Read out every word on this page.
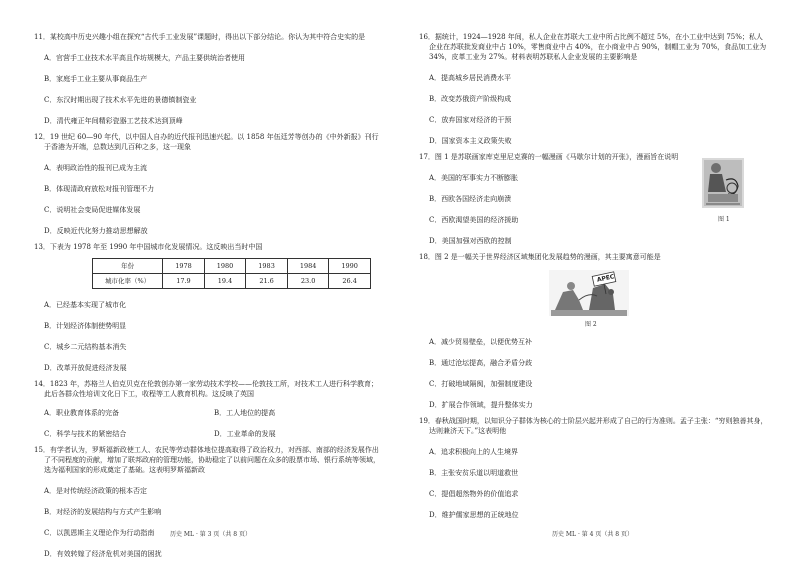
11．某校高中历史兴趣小组在探究“古代手工业发展”课题时，得出以下部分结论。你认为其中符合史实的是
A．官营手工业技术水平高且作坊规模大，产品主要供统治者使用
B．家庭手工业主要从事商品生产
C．东汉时期出现了技术水平先进的景德镇制瓷业
D．清代雍正年间精彩瓷器工艺技术达到顶峰
12．19 世纪 60—90 年代，以中国人自办的近代报刊迅速兴起。以 1858 年伍廷芳等创办的《中外新报》刊行于香港为开端，总数达到几百种之多，这一现象
A．表明政治性的报刊已成为主流
B．体现清政府放松对报刊管理不力
C．说明社会变局促进媒体发展
D．反映近代化努力推动思想解放
13．下表为 1978 年至 1990 年中国城市化发展情况。这反映出当时中国
年份	1978	1980	1983	1984	1990
城市化率（%）	17.9	19.4	21.6	23.0	26.4
A．已经基本实现了城市化
B．计划经济体制使势明显
C．城乡二元结构基本消失
D．改革开放促进经济发展
14．1823 年，苏格兰人伯克贝克在伦敦创办第一家劳动技术学校——伦敦技工所，对技术工人进行科学教育；此后各群众性培训文化日下工，收程等工人教育机构。这反映了英国
A．职业教育体系的完备	B．工人地位的提高
C．科学与技术的紧密结合	D．工业革命的发展
15．有学者认为，罗斯福新政使工人、农民等劳动群体地位提高取得了政治权力，对西部、南部的经济发展作出了不同程度的贡献，增加了联邦政府的管理功能，协助稳定了以前问题在众多的股票市场、银行系统等领域，选为福利国家的形成奠定了基础。这表明罗斯福新政
A．是对传统经济政策的根本否定
B．对经济的发展结构与方式产生影响
C．以凯恩斯主义理论作为行动指南
D．有效转嫁了经济危机对美国的困扰
历史 ML · 第 3 页（共 8 页）
16．据统计，1924—1928 年间，私人企业在苏联大工业中所占比例不超过 5%，在小工业中达到 75%；私人企业在苏联批发商业中占 10%，零售商业中占 40%，在小商业中占 90%，制帽工业为 70%，食品加工业为 34%，皮革工业为 27%。材料表明苏联私人企业发展的主要影响是
A．提高城乡居民消费水平
B．改变苏俄资产阶级构成
C．放弃国家对经济的干预
D．国家资本主义政策失败
17．图 1 是苏联画家库克里尼克赛的一幅漫画《马歇尔计划的开张》，漫画旨在说明
A．美国的军事实力不断膨胀
B．西欧各国经济走向崩溃
C．西欧渴望美国的经济援助
D．美国加强对西欧的控制
18．图 2 是一幅关于世界经济区域集团化发展趋势的漫画，其主要寓意可能是
APEC
图 2
A．减少贸易壁垒，以便优势互补
B．通过沧坛提高，融合矛盾分歧
C．打破地域隔阂，加强制度建设
D．扩展合作领域，提升整体实力
19．春秋战国时期，以知识分子群体为核心的士阶层兴起并形成了自己的行为准则。孟子主张：“穷则独善其身，达则兼济天下。”这表明他
A．追求积极向上的人生境界
B．主张安贫乐道以明道救世
C．提倡超然物外的价值追求
D．维护儒家思想的正统地位
图 1
历史 ML · 第 4 页（共 8 页）
